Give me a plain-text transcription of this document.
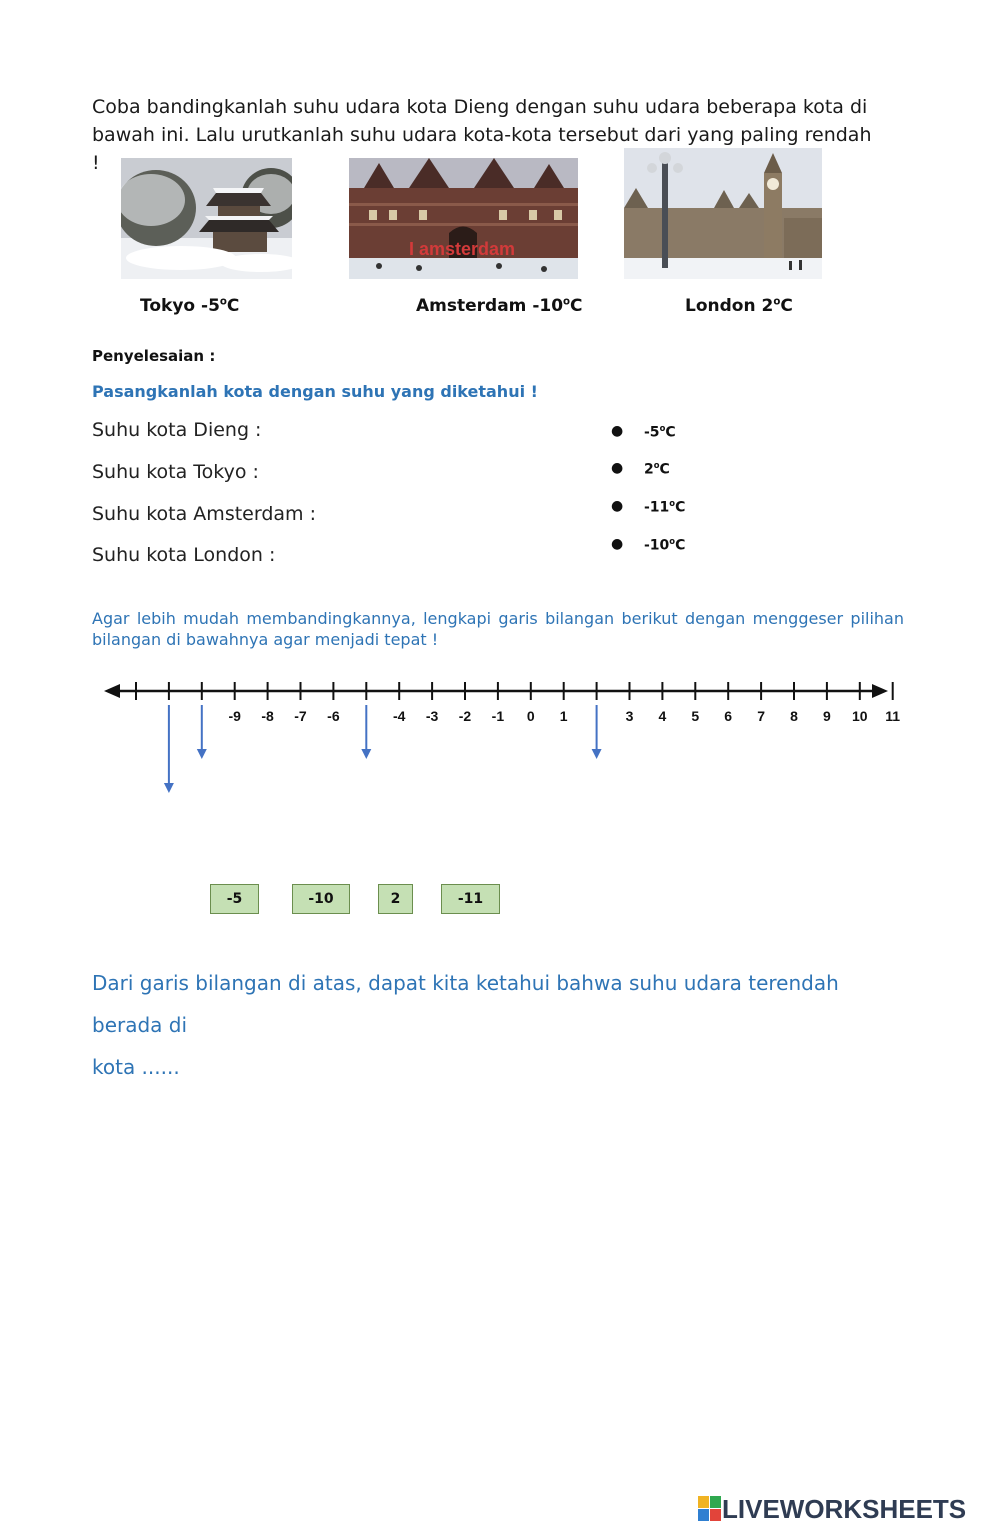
Coba bandingkanlah suhu udara kota Dieng dengan suhu udara beberapa kota di bawah ini. Lalu urutkanlah suhu udara kota-kota tersebut dari yang paling rendah !
I amsterdam
Tokyo -5$^o$C	Amsterdam -10$^o$C	London 2$^o$C
Penyelesaian :
Pasangkanlah kota dengan suhu yang diketahui !
Suhu kota Dieng :
Suhu kota Tokyo :
Suhu kota Amsterdam :
Suhu kota London :
● -5$^o$C
● 2$^o$C
● -11$^o$C
● -10$^o$C
Agar lebih mudah membandingkannya, lengkapi garis bilangan berikut dengan menggeser pilihan
bilangan di bawahnya agar menjadi tepat !
-9 -8 -7 -6	-4 -3 -2 -1 0 1	3 4 5 6 7 8 9 10 11
-5	-10	2	-11
Dari garis bilangan di atas, dapat kita ketahui bahwa suhu udara terendah berada di
kota ......
LIVEWORKSHEETS
